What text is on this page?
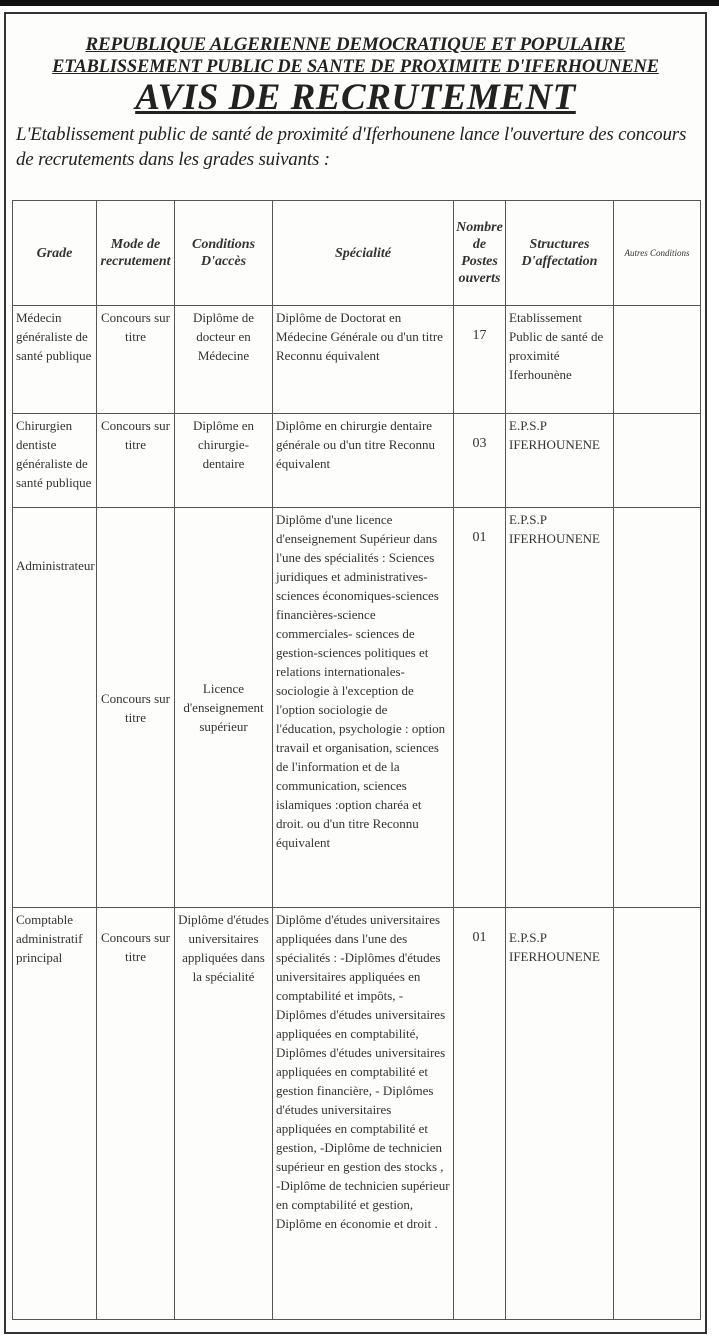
REPUBLIQUE ALGERIENNE DEMOCRATIQUE ET POPULAIRE
ETABLISSEMENT PUBLIC DE SANTE DE PROXIMITE D'IFERHOUNENE
AVIS DE RECRUTEMENT
L'Etablissement public de santé de proximité d'Iferhounene lance l'ouverture des concours de recrutements dans les grades suivants :
Grade	Mode de recrutement	Conditions D'accès	Spécialité	Nombre de Postes ouverts	Structures D'affectation	Autres Conditions
Médecin généraliste de santé publique	Concours sur titre	Diplôme de docteur en Médecine	Diplôme de Doctorat en Médecine Générale ou d'un titre Reconnu équivalent	17	Etablissement Public de santé de proximité Iferhounène	
Chirurgien dentiste généraliste de santé publique	Concours sur titre	Diplôme en chirurgie- dentaire	Diplôme en chirurgie dentaire générale ou d'un titre Reconnu équivalent	03	E.P.S.P IFERHOUNENE	
Administrateur	Concours sur titre	Licence d'enseignement supérieur	Diplôme d'une licence d'enseignement Supérieur dans l'une des spécialités : Sciences juridiques et administratives- sciences économiques-sciences financières-science commerciales- sciences de gestion-sciences politiques et relations internationales-sociologie à l'exception de l'option sociologie de l'éducation, psychologie : option travail et organisation, sciences de l'information et de la communication, sciences islamiques :option charéa et droit. ou d'un titre Reconnu équivalent	01	E.P.S.P IFERHOUNENE	
Comptable administratif principal	Concours sur titre	Diplôme d'études universitaires appliquées dans la spécialité	Diplôme d'études universitaires appliquées dans l'une des spécialités : -Diplômes d'études universitaires appliquées en comptabilité et impôts, -Diplômes d'études universitaires appliquées en comptabilité, Diplômes d'études universitaires appliquées en comptabilité et gestion financière, - Diplômes d'études universitaires appliquées en comptabilité et gestion, -Diplôme de technicien supérieur en gestion des stocks , -Diplôme de technicien supérieur en comptabilité et gestion, Diplôme en économie et droit .	01	E.P.S.P IFERHOUNENE	
